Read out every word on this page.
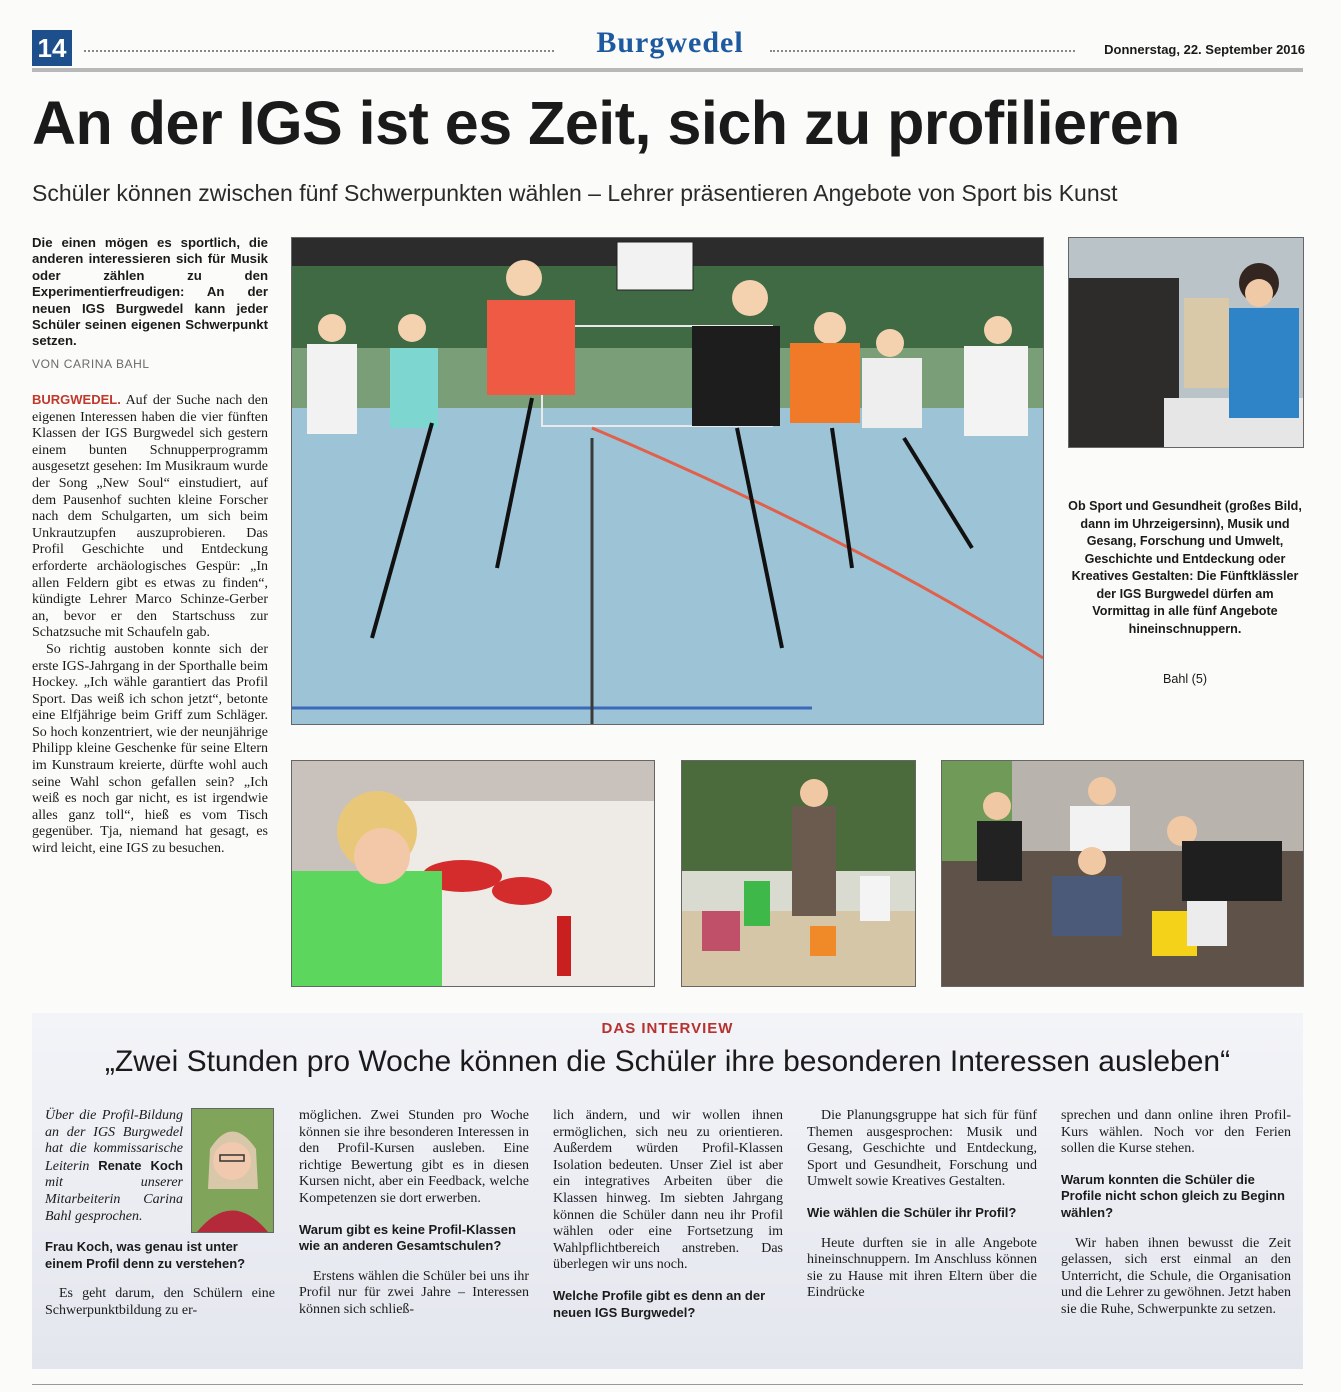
14	Burgwedel	Donnerstag, 22. September 2016
An der IGS ist es Zeit, sich zu profilieren
Schüler können zwischen fünf Schwerpunkten wählen – Lehrer präsentieren Angebote von Sport bis Kunst
Die einen mögen es sportlich, die anderen interessieren sich für Musik oder zählen zu den Experimentierfreudigen: An der neuen IGS Burgwedel kann jeder Schüler seinen eigenen Schwerpunkt setzen.
VON CARINA BAHL

BURGWEDEL. Auf der Suche nach den eigenen Interessen haben die vier fünften Klassen der IGS Burgwedel sich gestern einem bunten Schnupperprogramm ausgesetzt gesehen: Im Musikraum wurde der Song „New Soul“ einstudiert, auf dem Pausenhof suchten kleine Forscher nach dem Schulgarten, um sich beim Unkrautzupfen auszuprobieren. Das Profil Geschichte und Entdeckung erforderte archäologisches Gespür: „In allen Feldern gibt es etwas zu finden“, kündigte Lehrer Marco Schinze-Gerber an, bevor er den Startschuss zur Schatzsuche mit Schaufeln gab.

So richtig austoben konnte sich der erste IGS-Jahrgang in der Sporthalle beim Hockey. „Ich wähle garantiert das Profil Sport. Das weiß ich schon jetzt“, betonte eine Elfjährige beim Griff zum Schläger. So hoch konzentriert, wie der neunjährige Philipp kleine Geschenke für seine Eltern im Kunstraum kreierte, dürfte wohl auch seine Wahl schon gefallen sein? „Ich weiß es noch gar nicht, es ist irgendwie alles ganz toll“, hieß es vom Tisch gegenüber. Tja, niemand hat gesagt, es wird leicht, eine IGS zu besuchen.

Ob Sport und Gesundheit (großes Bild, dann im Uhrzeigersinn), Musik und Gesang, Forschung und Umwelt, Geschichte und Entdeckung oder Kreatives Gestalten: Die Fünftklässler der IGS Burgwedel dürfen am Vormittag in alle fünf Angebote hineinschnuppern.
Bahl (5)
DAS INTERVIEW
„Zwei Stunden pro Woche können die Schüler ihre besonderen Interessen ausleben“

Über die Profil-Bildung an der IGS Burgwedel hat die kommissarische Leiterin Renate Koch mit unserer Mitarbeiterin Carina Bahl gesprochen.

Frau Koch, was genau ist unter einem Profil denn zu verstehen?

Es geht darum, den Schülern eine Schwerpunktbildung zu er-

möglichen. Zwei Stunden pro Woche können sie ihre besonderen Interessen in den Profil-Kursen ausleben. Eine richtige Bewertung gibt es in diesen Kursen nicht, aber ein Feedback, welche Kompetenzen sie dort erwerben.

Warum gibt es keine Profil-Klassen wie an anderen Gesamtschulen?

Erstens wählen die Schüler bei uns ihr Profil nur für zwei Jahre – Interessen können sich schließ-

lich ändern, und wir wollen ihnen ermöglichen, sich neu zu orientieren. Außerdem würden Profil-Klassen Isolation bedeuten. Unser Ziel ist aber ein integratives Arbeiten über die Klassen hinweg. Im siebten Jahrgang können die Schüler dann neu ihr Profil wählen oder eine Fortsetzung im Wahlpflichtbereich anstreben. Das überlegen wir uns noch.

Welche Profile gibt es denn an der neuen IGS Burgwedel?

Die Planungsgruppe hat sich für fünf Themen ausgesprochen: Musik und Gesang, Geschichte und Entdeckung, Sport und Gesundheit, Forschung und Umwelt sowie Kreatives Gestalten.

Wie wählen die Schüler ihr Profil?

Heute durften sie in alle Angebote hineinschnuppern. Im Anschluss können sie zu Hause mit ihren Eltern über die Eindrücke

sprechen und dann online ihren Profil-Kurs wählen. Noch vor den Ferien sollen die Kurse stehen.

Warum konnten die Schüler die Profile nicht schon gleich zu Beginn wählen?

Wir haben ihnen bewusst die Zeit gelassen, sich erst einmal an den Unterricht, die Schule, die Organisation und die Lehrer zu gewöhnen. Jetzt haben sie die Ruhe, Schwerpunkte zu setzen.
